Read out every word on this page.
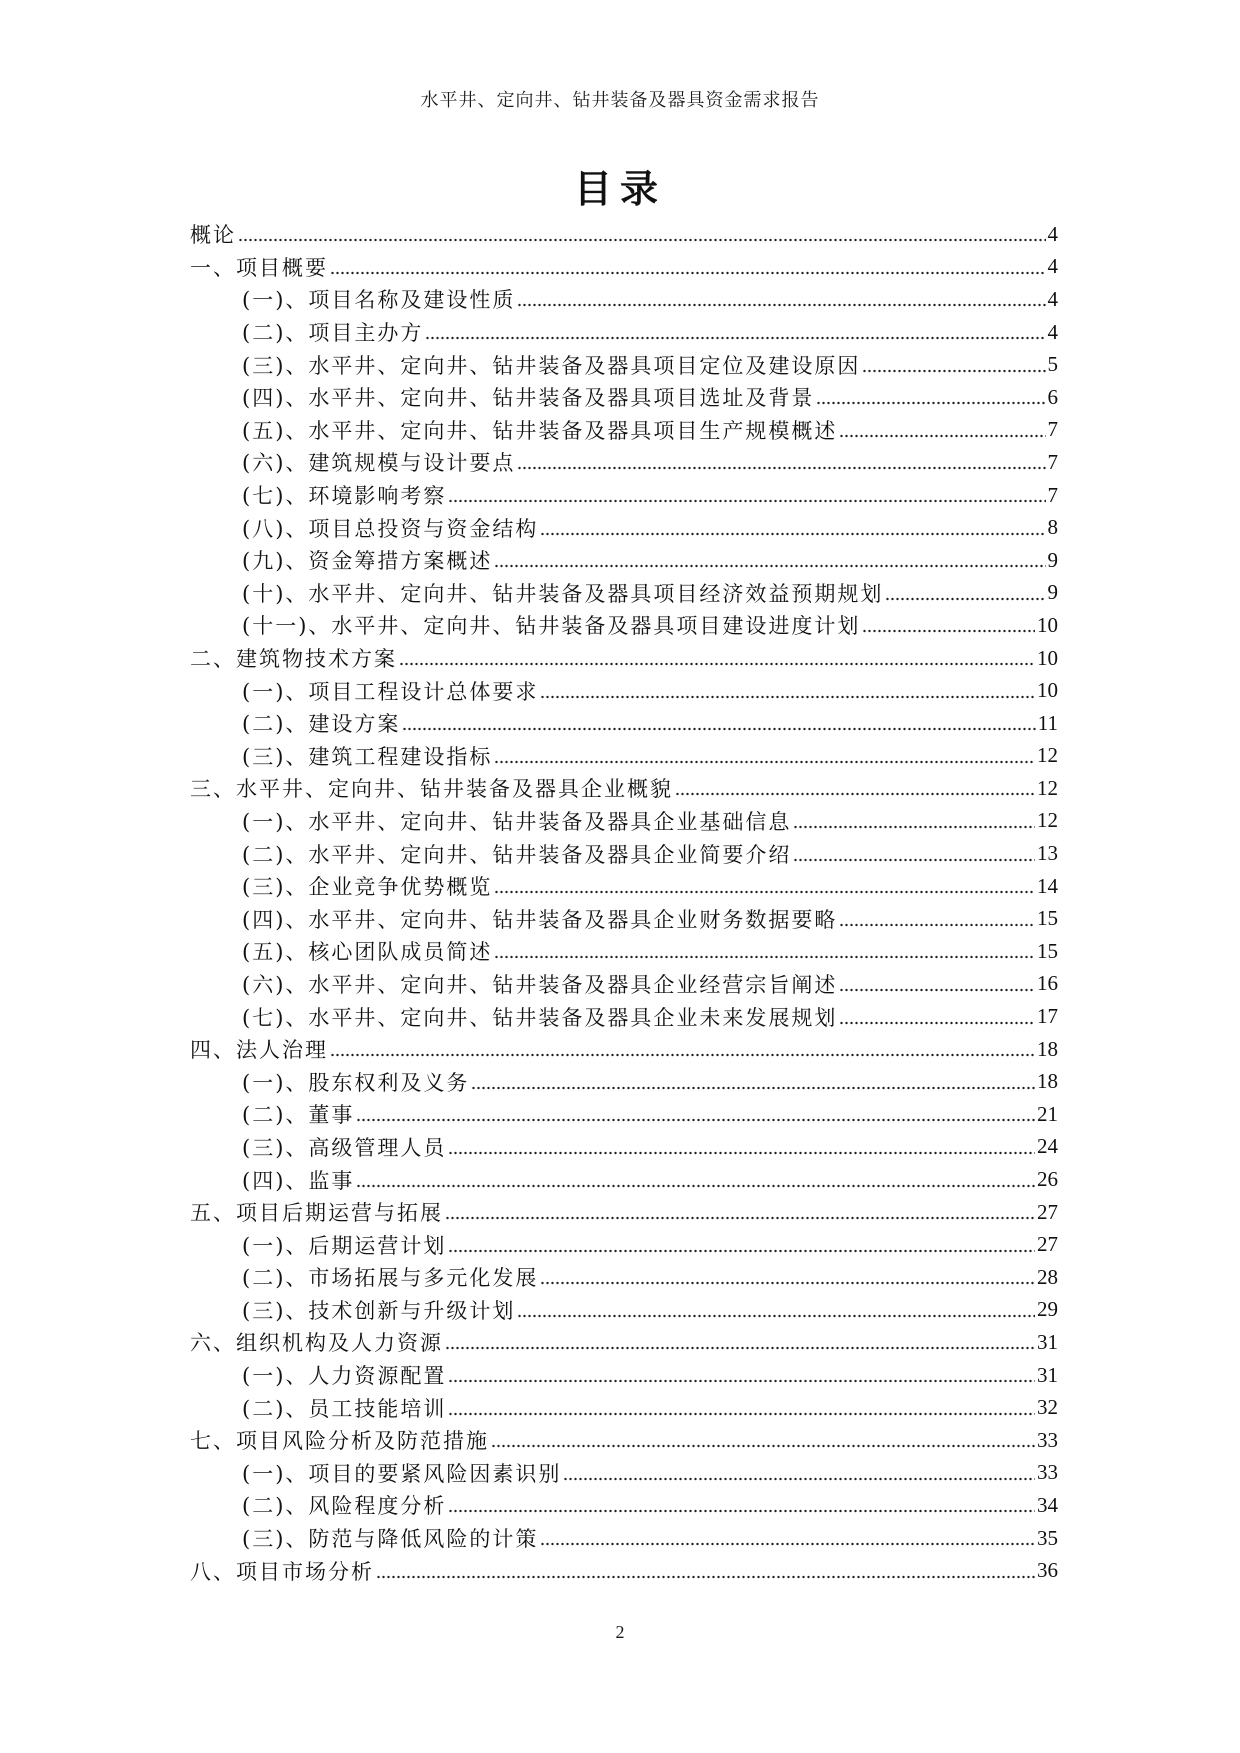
水平井、定向井、钻井装备及器具资金需求报告
目录
概论	4
一、项目概要	4
(一)、项目名称及建设性质	4
(二)、项目主办方	4
(三)、水平井、定向井、钻井装备及器具项目定位及建设原因	5
(四)、水平井、定向井、钻井装备及器具项目选址及背景	6
(五)、水平井、定向井、钻井装备及器具项目生产规模概述	7
(六)、建筑规模与设计要点	7
(七)、环境影响考察	7
(八)、项目总投资与资金结构	8
(九)、资金筹措方案概述	9
(十)、水平井、定向井、钻井装备及器具项目经济效益预期规划	9
(十一)、水平井、定向井、钻井装备及器具项目建设进度计划	10
二、建筑物技术方案	10
(一)、项目工程设计总体要求	10
(二)、建设方案	11
(三)、建筑工程建设指标	12
三、水平井、定向井、钻井装备及器具企业概貌	12
(一)、水平井、定向井、钻井装备及器具企业基础信息	12
(二)、水平井、定向井、钻井装备及器具企业简要介绍	13
(三)、企业竞争优势概览	14
(四)、水平井、定向井、钻井装备及器具企业财务数据要略	15
(五)、核心团队成员简述	15
(六)、水平井、定向井、钻井装备及器具企业经营宗旨阐述	16
(七)、水平井、定向井、钻井装备及器具企业未来发展规划	17
四、法人治理	18
(一)、股东权利及义务	18
(二)、董事	21
(三)、高级管理人员	24
(四)、监事	26
五、项目后期运营与拓展	27
(一)、后期运营计划	27
(二)、市场拓展与多元化发展	28
(三)、技术创新与升级计划	29
六、组织机构及人力资源	31
(一)、人力资源配置	31
(二)、员工技能培训	32
七、项目风险分析及防范措施	33
(一)、项目的要紧风险因素识别	33
(二)、风险程度分析	34
(三)、防范与降低风险的计策	35
八、项目市场分析	36
2
